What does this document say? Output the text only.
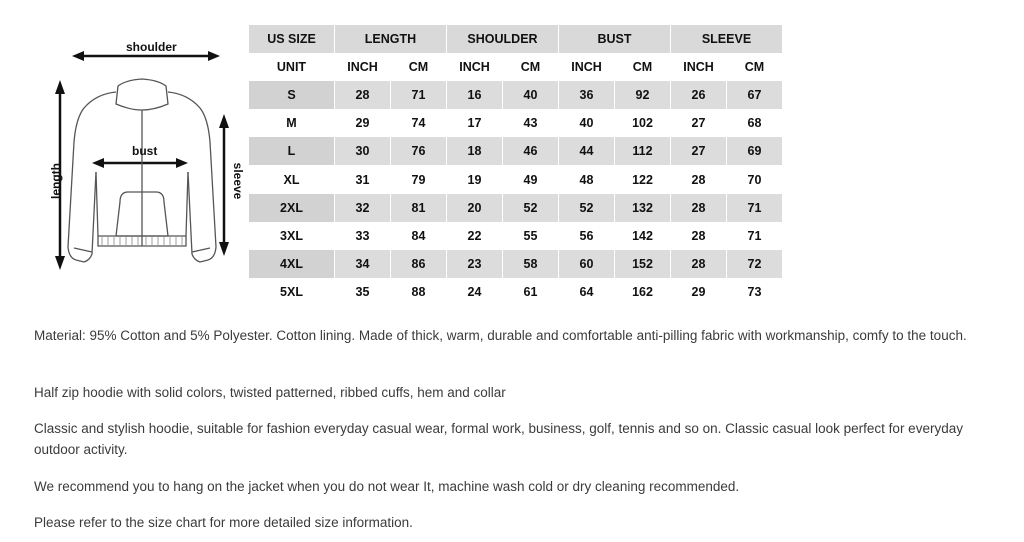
shoulder
bust
length	sleeve
US SIZE	LENGTH		SHOULDER		BUST		SLEEVE	
UNIT	INCH	CM	INCH	CM	INCH	CM	INCH	CM
S	28	71	16	40	36	92	26	67
M	29	74	17	43	40	102	27	68
L	30	76	18	46	44	112	27	69
XL	31	79	19	49	48	122	28	70
2XL	32	81	20	52	52	132	28	71
3XL	33	84	22	55	56	142	28	71
4XL	34	86	23	58	60	152	28	72
5XL	35	88	24	61	64	162	29	73

Material: 95% Cotton and 5% Polyester. Cotton lining. Made of thick, warm, durable and comfortable anti-pilling fabric with workmanship, comfy to the touch.

Half zip hoodie with solid colors, twisted patterned, ribbed cuffs, hem and collar

Classic and stylish hoodie, suitable for fashion everyday casual wear, formal work, business, golf, tennis and so on. Classic casual look perfect for everyday outdoor activity.

We recommend you to hang on the jacket when you do not wear It, machine wash cold or dry cleaning recommended.

Please refer to the size chart for more detailed size information.
